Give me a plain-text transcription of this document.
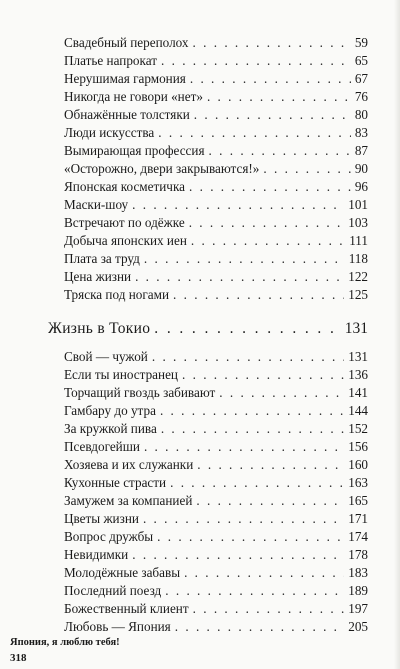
Свадебный переполох . . .	59
Платье напрокат . . .	65
Нерушимая гармония . . .	67
Никогда не говори «нет» . . .	76
Обнажённые толстяки . . .	80
Люди искусства . . .	83
Вымирающая профессия . . .	87
«Осторожно, двери закрываются!» . . .	90
Японская косметичка . . .	96
Маски-шоу . . .	101
Встречают по одёжке . . .	103
Добыча японских иен . . .	111
Плата за труд . . .	118
Цена жизни . . .	122
Тряска под ногами . . .	125
Жизнь в Токио . . .	131
Свой — чужой . . .	131
Если ты иностранец . . .	136
Торчащий гвоздь забивают . . .	141
Гамбару до утра . . .	144
За кружкой пива . . .	152
Псевдогейши . . .	156
Хозяева и их служанки . . .	160
Кухонные страсти . . .	163
Замужем за компанией . . .	165
Цветы жизни . . .	171
Вопрос дружбы . . .	174
Невидимки . . .	178
Молодёжные забавы . . .	183
Последний поезд . . .	189
Божественный клиент . . .	197
Любовь — Япония . . .	205
Япония, я люблю тебя!
318
